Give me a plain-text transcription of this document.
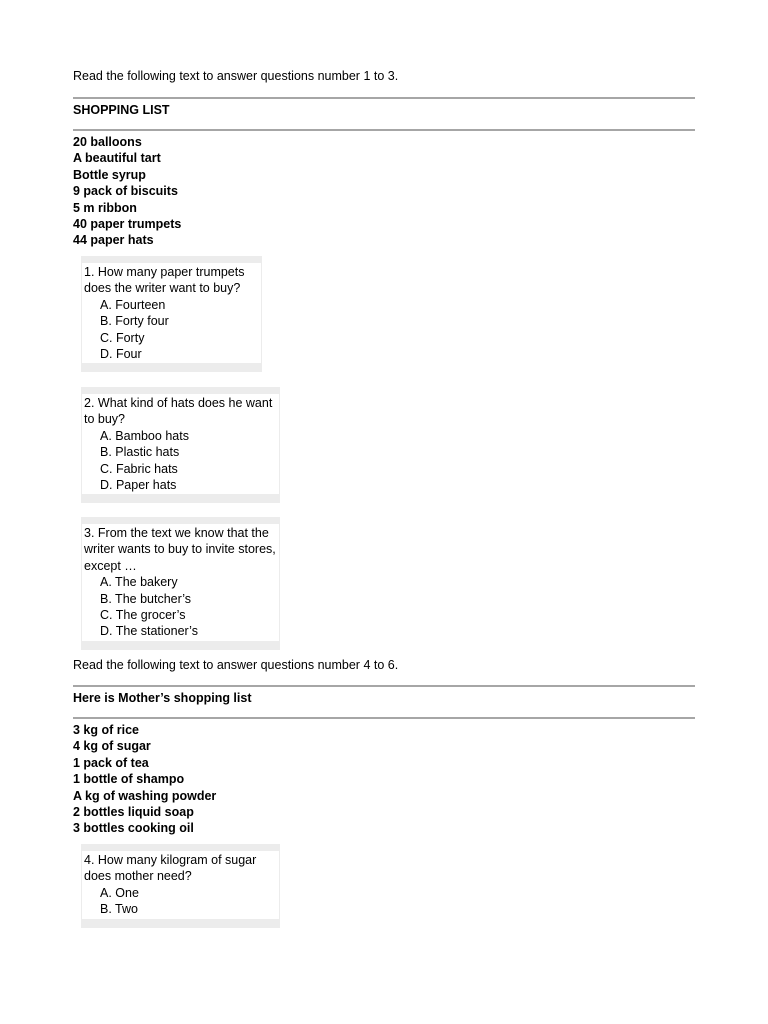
Read the following text to answer questions number 1 to 3.

SHOPPING LIST

20 balloons
A beautiful tart
Bottle syrup
9 pack of biscuits
5 m ribbon
40 paper trumpets
44 paper hats

1. How many paper trumpets does the writer want to buy?

A. Fourteen
B. Forty four
C. Forty
D. Four

2. What kind of hats does he want to buy?

A. Bamboo hats
B. Plastic hats
C. Fabric hats
D. Paper hats

3. From the text we know that the writer wants to buy to invite stores, except …

A. The bakery
B. The butcher’s
C. The grocer’s
D. The stationer’s

Read the following text to answer questions number 4 to 6.

Here is Mother’s shopping list

3 kg of rice
4 kg of sugar
1 pack of tea
1 bottle of shampo
A kg of washing powder
2 bottles liquid soap
3 bottles cooking oil

4. How many kilogram of sugar does mother need?

A. One
B. Two
